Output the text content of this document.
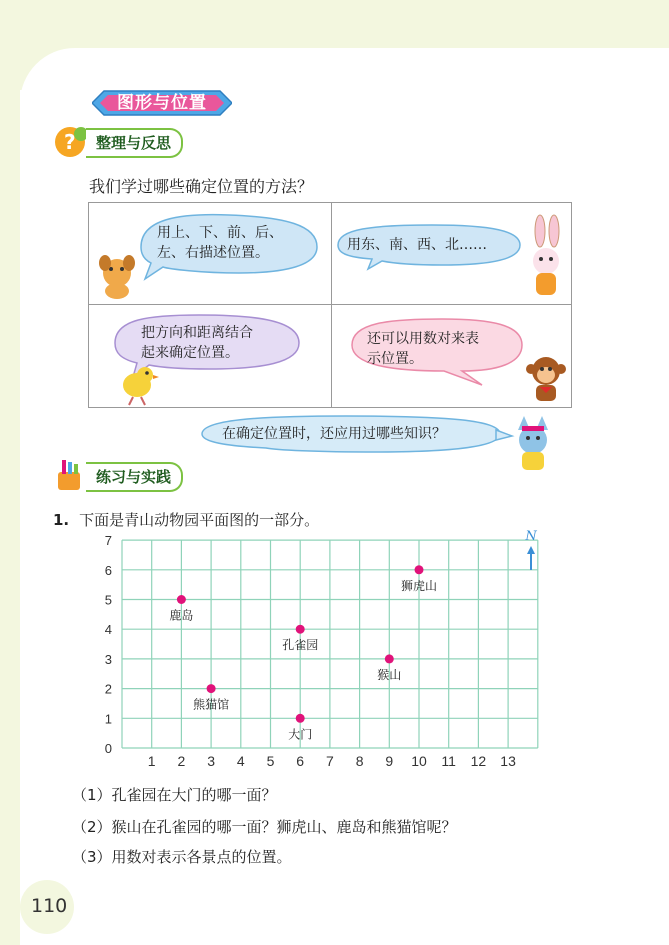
图形与位置
?	整理与反思
我们学过哪些确定位置的方法？
用上、下、前、后、
左、右描述位置。	用东、南、西、北……
把方向和距离结合
起来确定位置。
还可以用数对来表
示位置。
在确定位置时，还应用过哪些知识？
练习与实践
1. 下面是青山动物园平面图的一部分。
1 2 3 4 5 6 7 8 9 10 11 12 13
0
1
2
3
4
5
6
7
鹿岛
熊猫馆
孔雀园
大门
猴山
狮虎山
N
（1）孔雀园在大门的哪一面？
（2）猴山在孔雀园的哪一面？狮虎山、鹿岛和熊猫馆呢？
（3）用数对表示各景点的位置。
110
